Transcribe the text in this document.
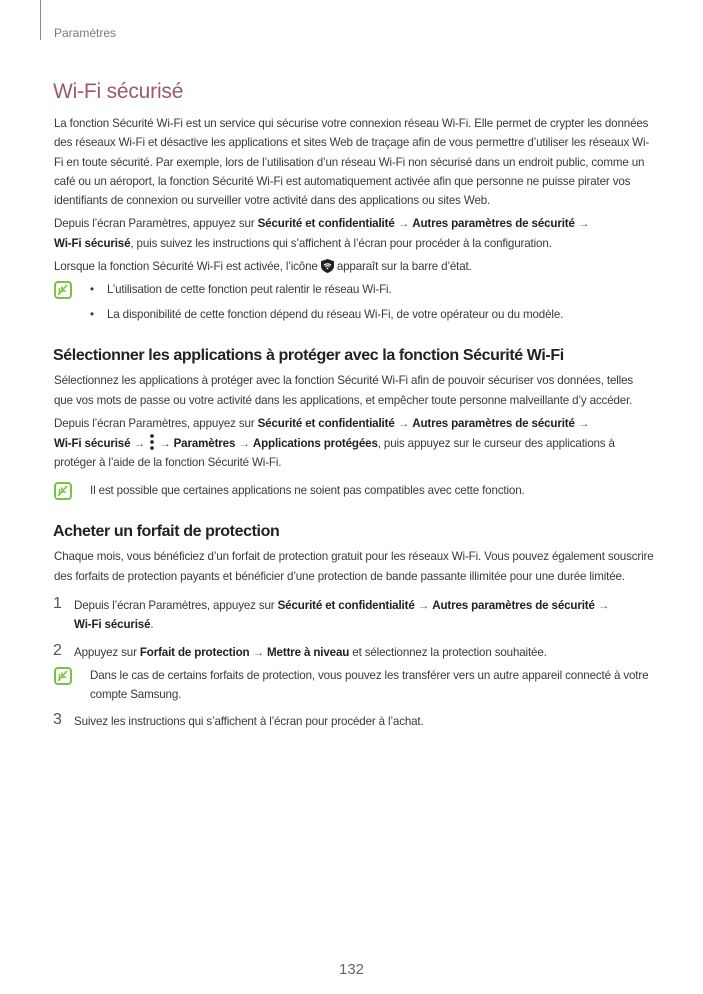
Paramètres
Wi-Fi sécurisé

La fonction Sécurité Wi-Fi est un service qui sécurise votre connexion réseau Wi-Fi. Elle permet de crypter les données des réseaux Wi-Fi et désactive les applications et sites Web de traçage afin de vous permettre d’utiliser les réseaux Wi-Fi en toute sécurité. Par exemple, lors de l’utilisation d’un réseau Wi-Fi non sécurisé dans un endroit public, comme un café ou un aéroport, la fonction Sécurité Wi-Fi est automatiquement activée afin que personne ne puisse pirater vos identifiants de connexion ou surveiller votre activité dans des applications ou sites Web.

Depuis l’écran Paramètres, appuyez sur Sécurité et confidentialité → Autres paramètres de sécurité →
Wi-Fi sécurisé, puis suivez les instructions qui s’affichent à l’écran pour procéder à la configuration.

Lorsque la fonction Sécurité Wi-Fi est activée, l’icône  apparaît sur la barre d’état.

• L’utilisation de cette fonction peut ralentir le réseau Wi-Fi.
• La disponibilité de cette fonction dépend du réseau Wi-Fi, de votre opérateur ou du modèle.
Sélectionner les applications à protéger avec la fonction Sécurité Wi-Fi

Sélectionnez les applications à protéger avec la fonction Sécurité Wi-Fi afin de pouvoir sécuriser vos données, telles que vos mots de passe ou votre activité dans les applications, et empêcher toute personne malveillante d’y accéder.

Depuis l’écran Paramètres, appuyez sur Sécurité et confidentialité → Autres paramètres de sécurité →
Wi-Fi sécurisé →  → Paramètres → Applications protégées, puis appuyez sur le curseur des applications à protéger à l’aide de la fonction Sécurité Wi-Fi.

Il est possible que certaines applications ne soient pas compatibles avec cette fonction.
Acheter un forfait de protection

Chaque mois, vous bénéficiez d’un forfait de protection gratuit pour les réseaux Wi-Fi. Vous pouvez également souscrire des forfaits de protection payants et bénéficier d’une protection de bande passante illimitée pour une durée limitée.

1 Depuis l’écran Paramètres, appuyez sur Sécurité et confidentialité → Autres paramètres de sécurité →
Wi-Fi sécurisé.
2 Appuyez sur Forfait de protection → Mettre à niveau et sélectionnez la protection souhaitée.
Dans le cas de certains forfaits de protection, vous pouvez les transférer vers un autre appareil connecté à votre compte Samsung.
3 Suivez les instructions qui s’affichent à l’écran pour procéder à l’achat.
132
